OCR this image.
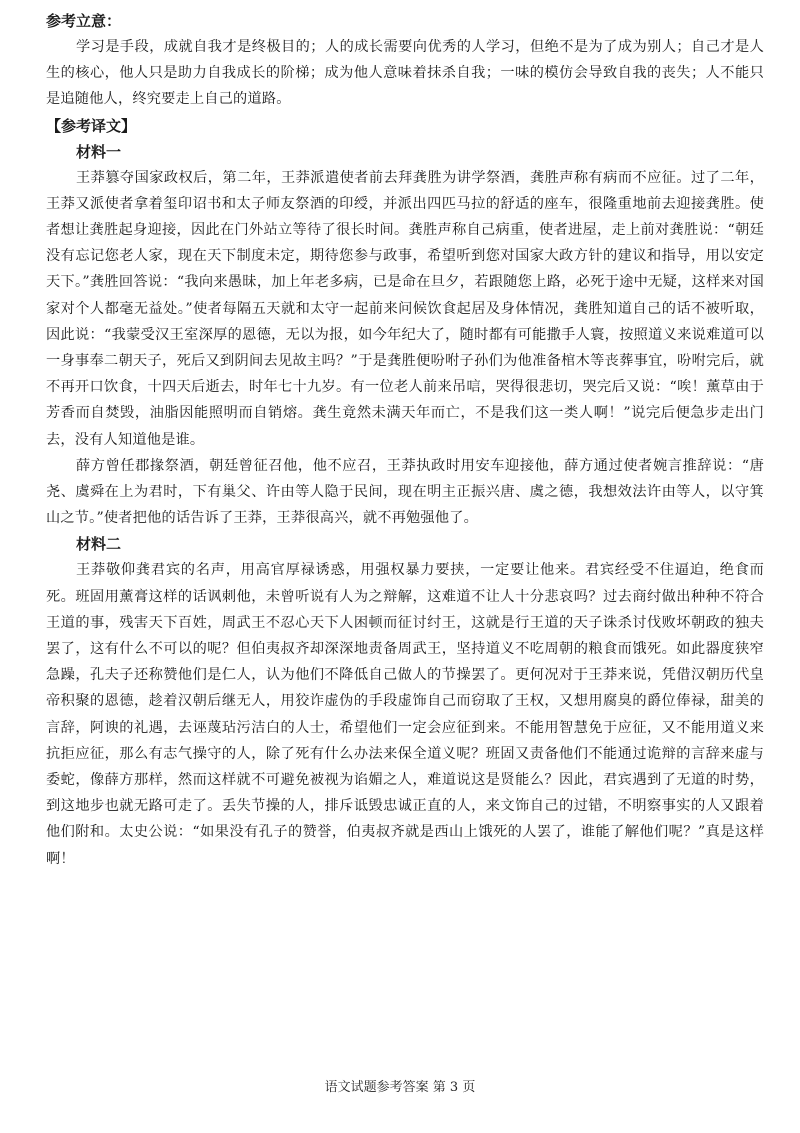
参考立意：

学习是手段，成就自我才是终极目的；人的成长需要向优秀的人学习，但绝不是为了成为别人；自己才是人生的核心，他人只是助力自我成长的阶梯；成为他人意味着抹杀自我；一味的模仿会导致自我的丧失；人不能只是追随他人，终究要走上自己的道路。

【参考译文】

材料一

王莽篡夺国家政权后，第二年，王莽派遣使者前去拜龚胜为讲学祭酒，龚胜声称有病而不应征。过了二年，王莽又派使者拿着玺印诏书和太子师友祭酒的印绶，并派出四匹马拉的舒适的座车，很隆重地前去迎接龚胜。使者想让龚胜起身迎接，因此在门外站立等待了很长时间。龚胜声称自己病重，使者进屋，走上前对龚胜说：“朝廷没有忘记您老人家，现在天下制度未定，期待您参与政事，希望听到您对国家大政方针的建议和指导，用以安定天下。”龚胜回答说：“我向来愚昧，加上年老多病，已是命在旦夕，若跟随您上路，必死于途中无疑，这样来对国家对个人都毫无益处。”使者每隔五天就和太守一起前来问候饮食起居及身体情况，龚胜知道自己的话不被听取，因此说：“我蒙受汉王室深厚的恩德，无以为报，如今年纪大了，随时都有可能撒手人寰，按照道义来说难道可以一身事奉二朝天子，死后又到阴间去见故主吗？”于是龚胜便吩咐子孙们为他准备棺木等丧葬事宜，吩咐完后，就不再开口饮食，十四天后逝去，时年七十九岁。有一位老人前来吊唁，哭得很悲切，哭完后又说：“唉！薰草由于芳香而自焚毁，油脂因能照明而自销熔。龚生竟然未满天年而亡，不是我们这一类人啊！”说完后便急步走出门去，没有人知道他是谁。

薛方曾任郡掾祭酒，朝廷曾征召他，他不应召，王莽执政时用安车迎接他，薛方通过使者婉言推辞说：“唐尧、虞舜在上为君时，下有巢父、许由等人隐于民间，现在明主正振兴唐、虞之德，我想效法许由等人，以守箕山之节。”使者把他的话告诉了王莽，王莽很高兴，就不再勉强他了。

材料二

王莽敬仰龚君宾的名声，用高官厚禄诱惑，用强权暴力要挟，一定要让他来。君宾经受不住逼迫，绝食而死。班固用薰膏这样的话讽刺他，未曾听说有人为之辩解，这难道不让人十分悲哀吗？过去商纣做出种种不符合王道的事，残害天下百姓，周武王不忍心天下人困顿而征讨纣王，这就是行王道的天子诛杀讨伐败坏朝政的独夫罢了，这有什么不可以的呢？但伯夷叔齐却深深地责备周武王，坚持道义不吃周朝的粮食而饿死。如此器度狭窄急躁，孔夫子还称赞他们是仁人，认为他们不降低自己做人的节操罢了。更何况对于王莽来说，凭借汉朝历代皇帝积聚的恩德，趁着汉朝后继无人，用狡诈虚伪的手段虚饰自己而窃取了王权，又想用腐臭的爵位俸禄，甜美的言辞，阿谀的礼遇，去诬蔑玷污洁白的人士，希望他们一定会应征到来。不能用智慧免于应征，又不能用道义来抗拒应征，那么有志气操守的人，除了死有什么办法来保全道义呢？班固又责备他们不能通过诡辩的言辞来虚与委蛇，像薛方那样，然而这样就不可避免被视为谄媚之人，难道说这是贤能么？因此，君宾遇到了无道的时势，到这地步也就无路可走了。丢失节操的人，排斥诋毁忠诚正直的人，来文饰自己的过错，不明察事实的人又跟着他们附和。太史公说：“如果没有孔子的赞誉，伯夷叔齐就是西山上饿死的人罢了，谁能了解他们呢？”真是这样啊！

语文试题参考答案 第 3 页
